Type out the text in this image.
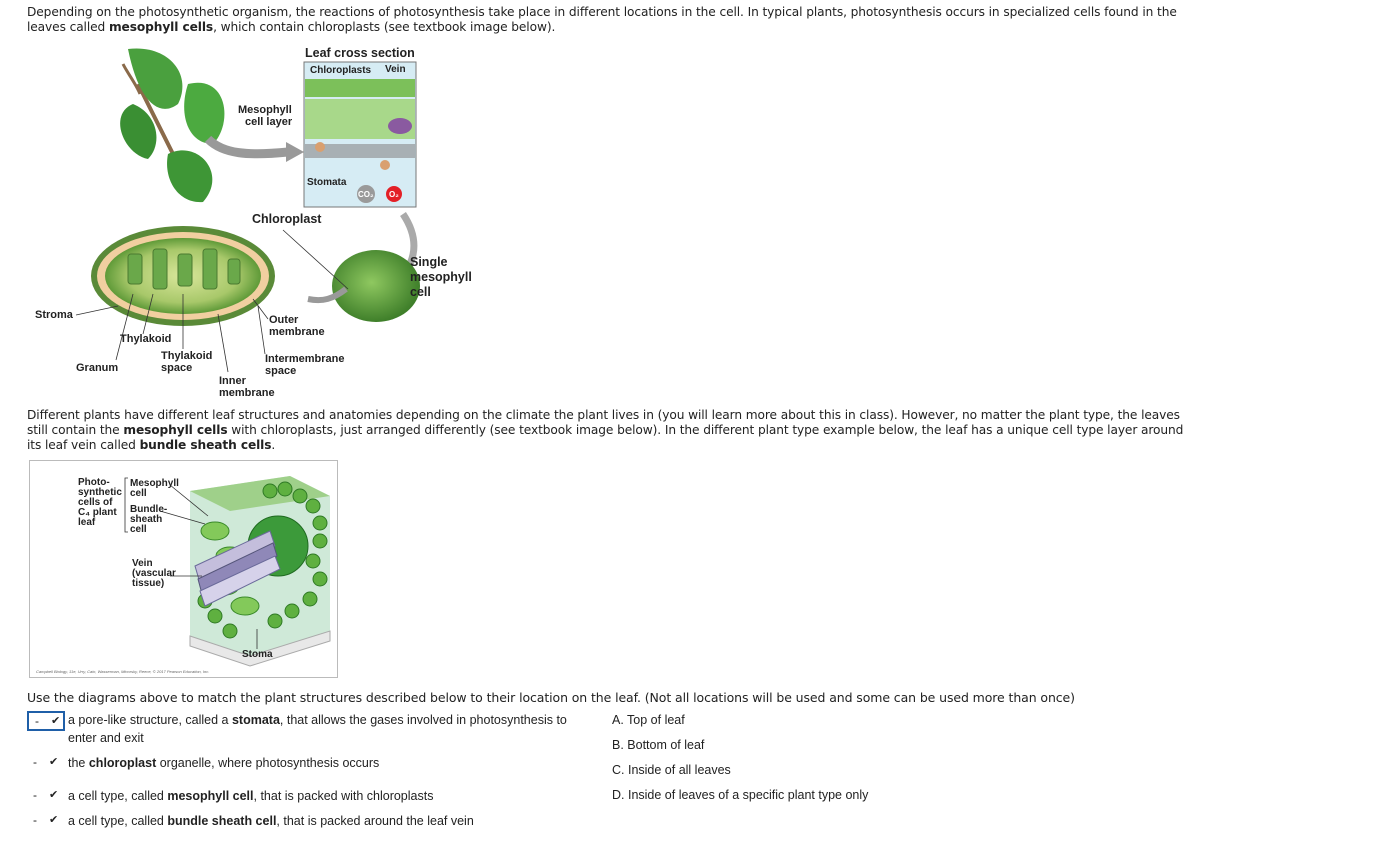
Depending on the photosynthetic organism, the reactions of photosynthesis take place in different locations in the cell. In typical plants, photosynthesis occurs in specialized cells found in the leaves called mesophyll cells, which contain chloroplasts (see textbook image below).
Leaf cross section
Chloroplasts Vein
Mesophyll
cell layer
Stomata
CO₂ O₂
Chloroplast
Single
mesophyll
cell
Stroma	Outer
membrane
Thylakoid
Thylakoid
space
Intermembrane
space
Granum
Inner
membrane
Different plants have different leaf structures and anatomies depending on the climate the plant lives in (you will learn more about this in class). However, no matter the plant type, the leaves still contain the mesophyll cells with chloroplasts, just arranged differently (see textbook image below). In the different plant type example below, the leaf has a unique cell type layer around its leaf vein called bundle sheath cells.
Photo-
synthetic
cells of
C₄ plant
leaf
Mesophyll
cell
Bundle-
sheath
cell
Vein
(vascular
tissue)
Stoma
Campbell Biology, 11e, Urry, Cain, Wasserman, Minorsky, Reece, © 2017 Pearson Education, Inc.
Use the diagrams above to match the plant structures described below to their location on the leaf. (Not all locations will be used and some can be used more than once)
- ✔ a pore-like structure, called a stomata, that allows the gases involved in photosynthesis to enter and exit
- ✔ the chloroplast organelle, where photosynthesis occurs
- ✔ a cell type, called mesophyll cell, that is packed with chloroplasts
- ✔ a cell type, called bundle sheath cell, that is packed around the leaf vein
A. Top of leaf
B. Bottom of leaf
C. Inside of all leaves
D. Inside of leaves of a specific plant type only
